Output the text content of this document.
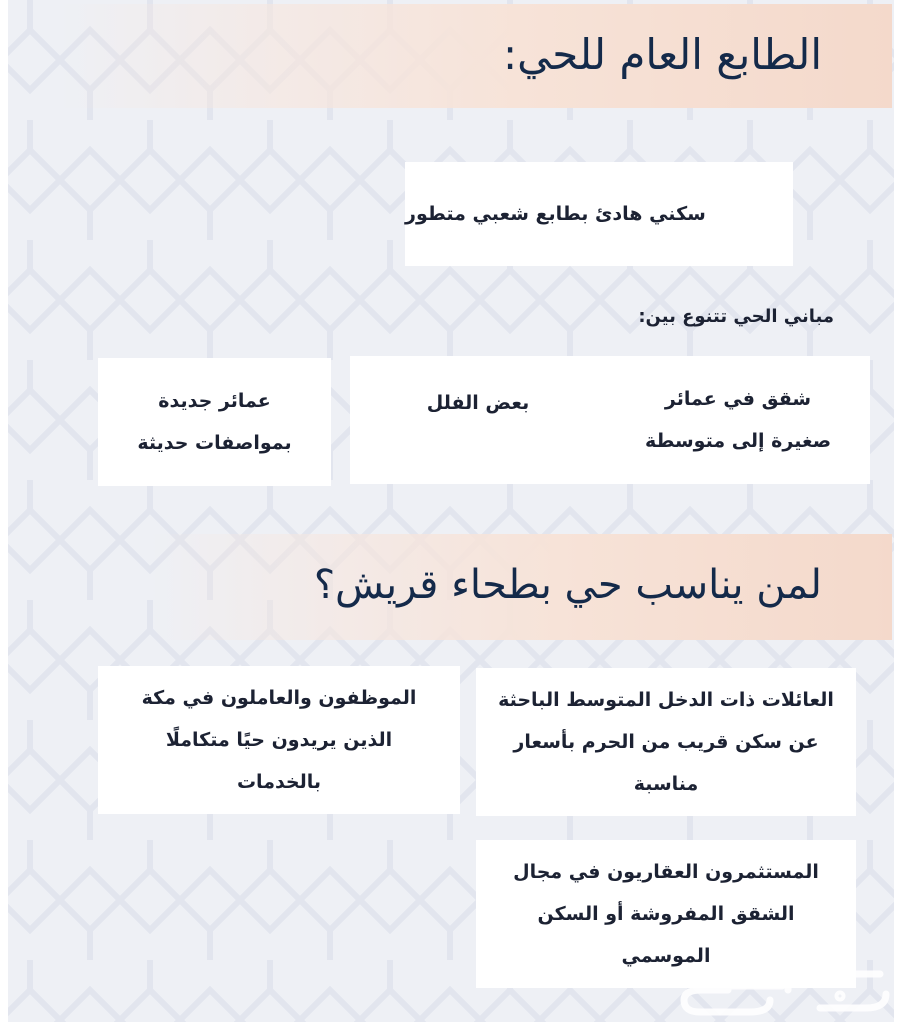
الطابع العام للحي:
سكني هادئ بطابع شعبي متطور
مباني الحي تتنوع بين:
شقق في عمائر صغيرة إلى متوسطة
بعض الفلل
عمائر جديدة بمواصفات حديثة
لمن يناسب حي بطحاء قريش؟
العائلات ذات الدخل المتوسط الباحثة عن سكن قريب من الحرم بأسعار مناسبة
الموظفون والعاملون في مكة الذين يريدون حيًا متكاملًا بالخدمات
المستثمرون العقاريون في مجال الشقق المفروشة أو السكن الموسمي
